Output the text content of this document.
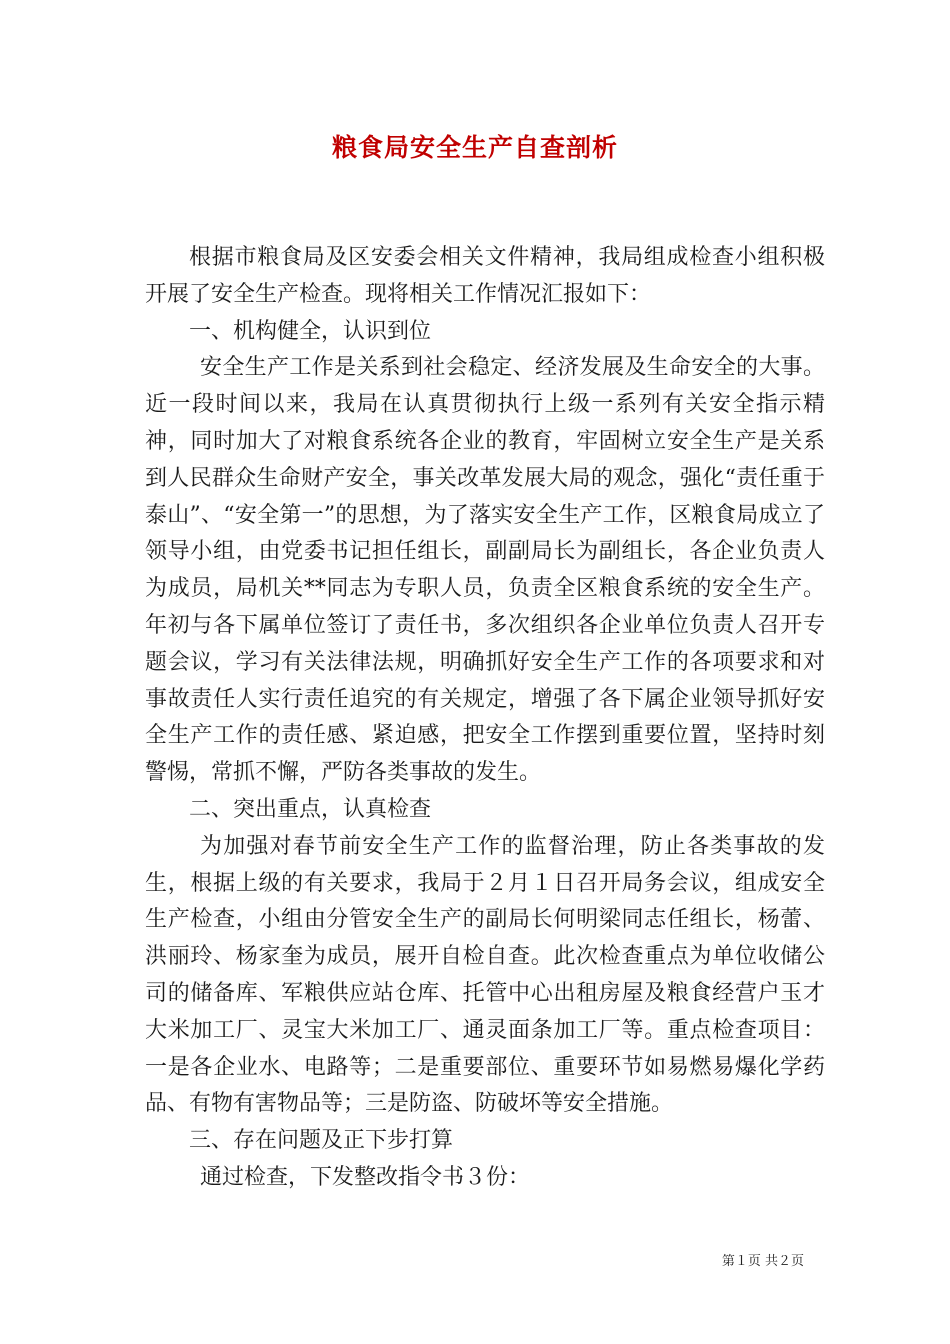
粮食局安全生产自查剖析

根据市粮食局及区安委会相关文件精神，我局组成检查小组积极开展了安全生产检查。现将相关工作情况汇报如下：

一、机构健全，认识到位

安全生产工作是关系到社会稳定、经济发展及生命安全的大事。近一段时间以来，我局在认真贯彻执行上级一系列有关安全指示精神，同时加大了对粮食系统各企业的教育，牢固树立安全生产是关系到人民群众生命财产安全，事关改革发展大局的观念，强化“责任重于泰山”、“安全第一”的思想，为了落实安全生产工作，区粮食局成立了领导小组，由党委书记担任组长，副副局长为副组长，各企业负责人为成员，局机关**同志为专职人员，负责全区粮食系统的安全生产。年初与各下属单位签订了责任书，多次组织各企业单位负责人召开专题会议，学习有关法律法规，明确抓好安全生产工作的各项要求和对事故责任人实行责任追究的有关规定，增强了各下属企业领导抓好安全生产工作的责任感、紧迫感，把安全工作摆到重要位置，坚持时刻警惕，常抓不懈，严防各类事故的发生。

二、突出重点，认真检查

为加强对春节前安全生产工作的监督治理，防止各类事故的发生，根据上级的有关要求，我局于２月１日召开局务会议，组成安全生产检查，小组由分管安全生产的副局长何明梁同志任组长，杨蕾、洪丽玲、杨家奎为成员，展开自检自查。此次检查重点为单位收储公司的储备库、军粮供应站仓库、托管中心出租房屋及粮食经营户玉才大米加工厂、灵宝大米加工厂、通灵面条加工厂等。重点检查项目：一是各企业水、电路等；二是重要部位、重要环节如易燃易爆化学药品、有物有害物品等；三是防盗、防破坏等安全措施。

三、存在问题及正下步打算

通过检查，下发整改指令书３份：

第１页 共２页
